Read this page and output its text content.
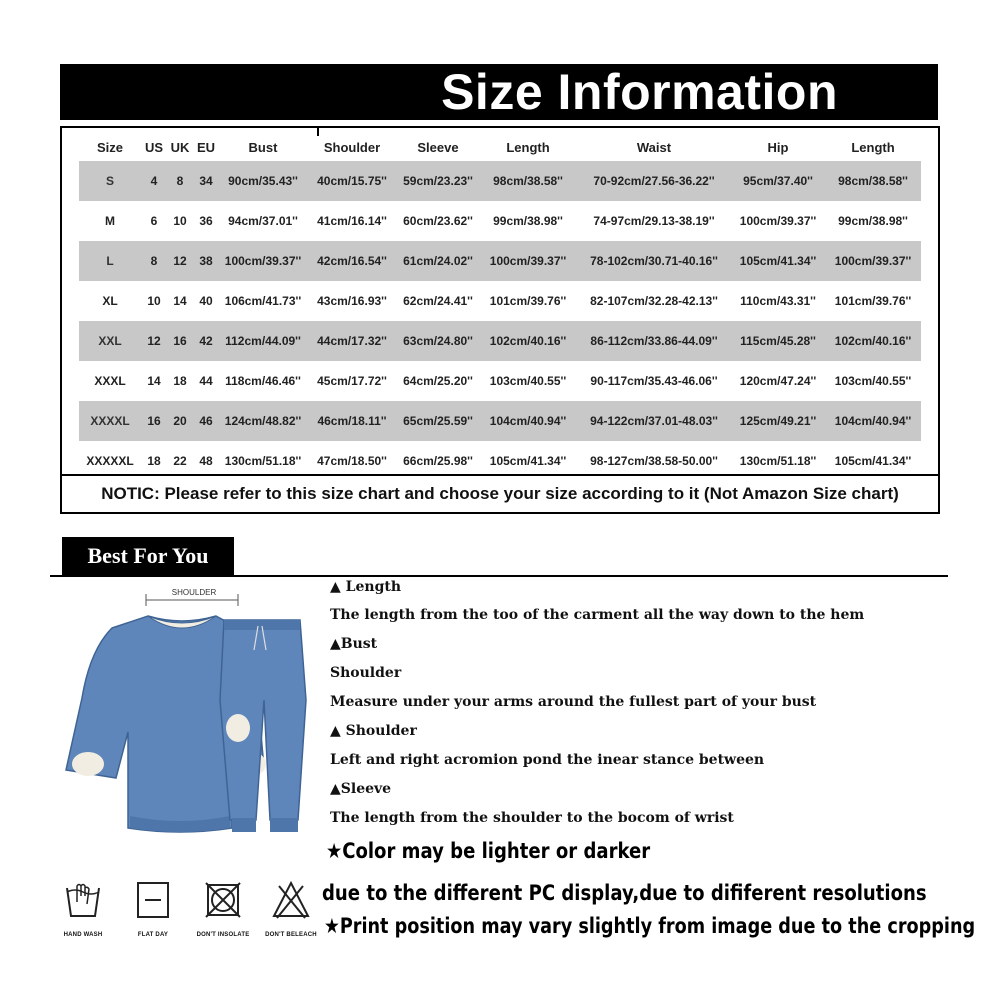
Size Information
Size	US	UK	EU	Bust	Shoulder	Sleeve	Length	Waist	Hip	Length
S	4	8	34	90cm/35.43''	40cm/15.75''	59cm/23.23''	98cm/38.58''	70-92cm/27.56-36.22''	95cm/37.40''	98cm/38.58''
M	6	10	36	94cm/37.01''	41cm/16.14''	60cm/23.62''	99cm/38.98''	74-97cm/29.13-38.19''	100cm/39.37''	99cm/38.98''
L	8	12	38	100cm/39.37''	42cm/16.54''	61cm/24.02''	100cm/39.37''	78-102cm/30.71-40.16''	105cm/41.34''	100cm/39.37''
XL	10	14	40	106cm/41.73''	43cm/16.93''	62cm/24.41''	101cm/39.76''	82-107cm/32.28-42.13''	110cm/43.31''	101cm/39.76''
XXL	12	16	42	112cm/44.09''	44cm/17.32''	63cm/24.80''	102cm/40.16''	86-112cm/33.86-44.09''	115cm/45.28''	102cm/40.16''
XXXL	14	18	44	118cm/46.46''	45cm/17.72''	64cm/25.20''	103cm/40.55''	90-117cm/35.43-46.06''	120cm/47.24''	103cm/40.55''
XXXXL	16	20	46	124cm/48.82''	46cm/18.11''	65cm/25.59''	104cm/40.94''	94-122cm/37.01-48.03''	125cm/49.21''	104cm/40.94''
XXXXXL	18	22	48	130cm/51.18''	47cm/18.50''	66cm/25.98''	105cm/41.34''	98-127cm/38.58-50.00''	130cm/51.18''	105cm/41.34''
NOTIC: Please refer to this size chart and choose your size according to it (Not Amazon Size chart)
Best For You
SHOULDER	▲ Length
The length from the too of the carment all the way down to the hem
▲Bust
Shoulder
Measure under your arms around the fullest part of your bust
▲ Shoulder
Left and right acromion pond the inear stance between
▲Sleeve
The length from the shoulder to the bocom of wrist
★Color may be lighter or darker
due to the different PC display,due to dififerent resolutions
★Print position may vary slightly from image due to the cropping
HAND WASH	FLAT DAY	DON'T INSOLATE	DON'T BELEACH
